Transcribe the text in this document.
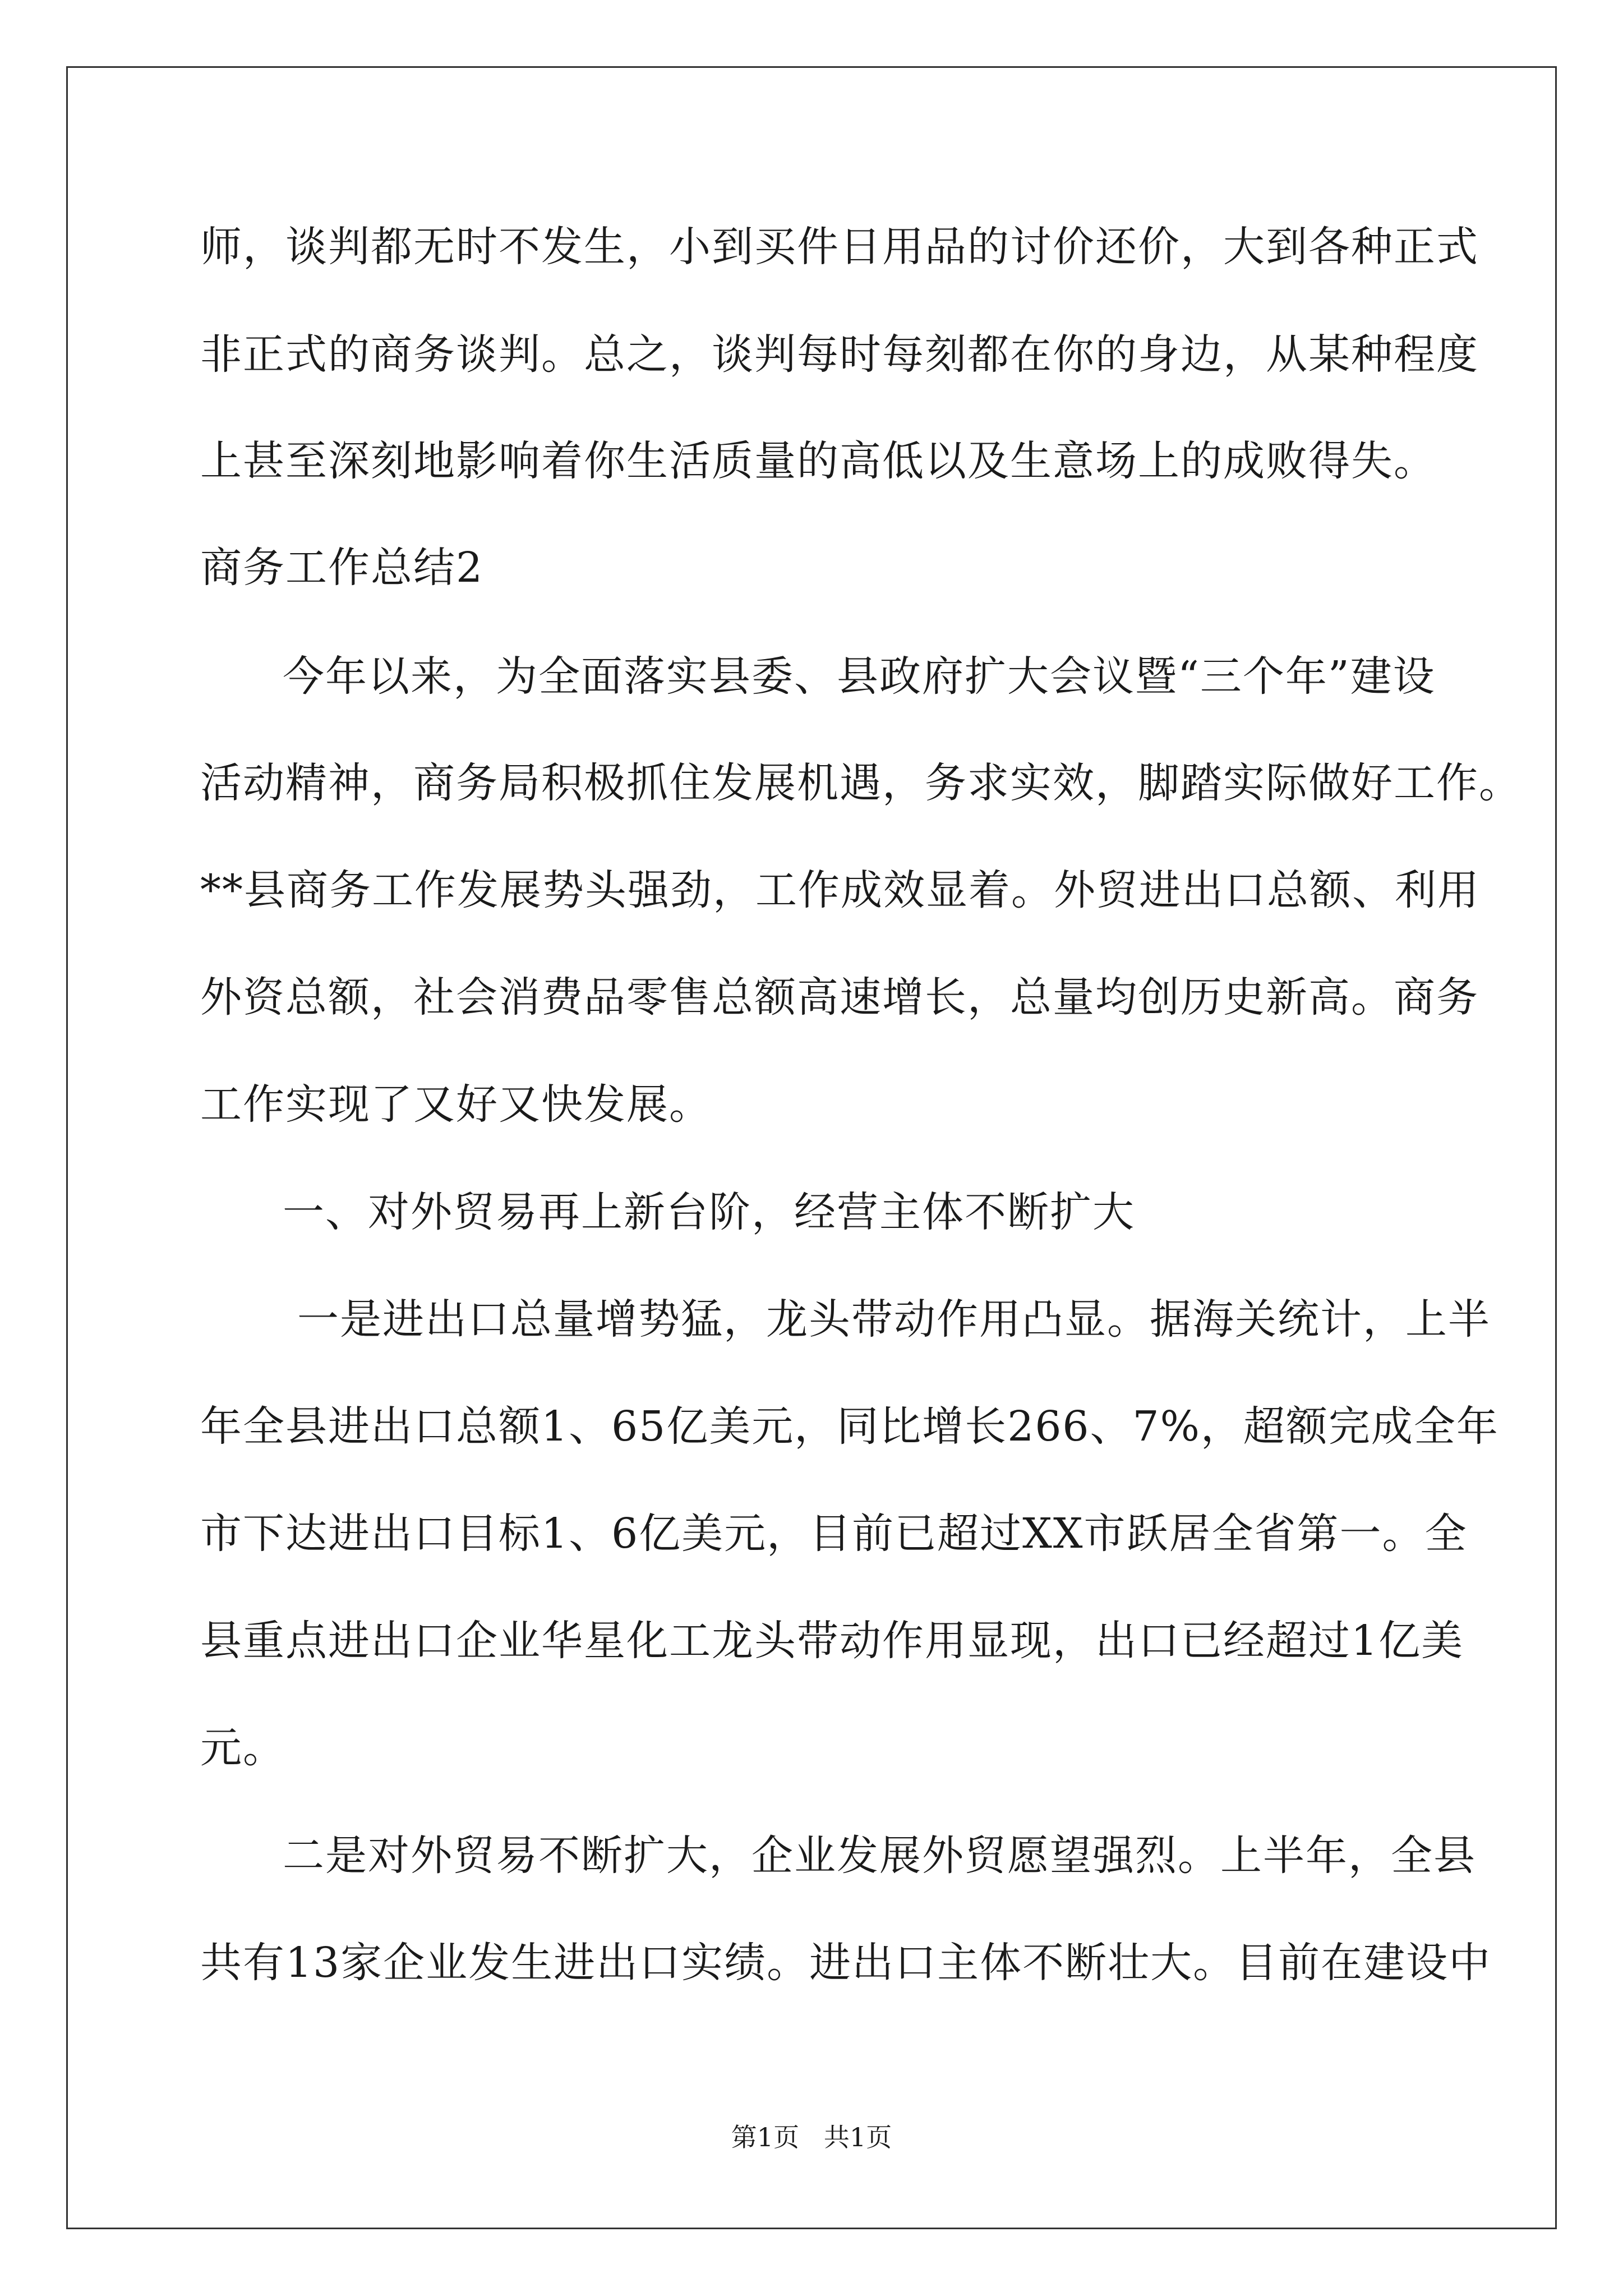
师，谈判都无时不发生，小到买件日用品的讨价还价，大到各种正式

非正式的商务谈判。总之，谈判每时每刻都在你的身边，从某种程度

上甚至深刻地影响着你生活质量的高低以及生意场上的成败得失。

商务工作总结2

今年以来，为全面落实县委、县政府扩大会议暨“三个年”建设

活动精神，商务局积极抓住发展机遇，务求实效，脚踏实际做好工作。

**县商务工作发展势头强劲，工作成效显着。外贸进出口总额、利用

外资总额，社会消费品零售总额高速增长，总量均创历史新高。商务

工作实现了又好又快发展。

一、对外贸易再上新台阶，经营主体不断扩大

一是进出口总量增势猛，龙头带动作用凸显。据海关统计，上半

年全县进出口总额1、65亿美元，同比增长266、7%，超额完成全年

市下达进出口目标1、6亿美元，目前已超过XX市跃居全省第一。全

县重点进出口企业华星化工龙头带动作用显现，出口已经超过1亿美

元。

二是对外贸易不断扩大，企业发展外贸愿望强烈。上半年，全县

共有13家企业发生进出口实绩。进出口主体不断壮大。目前在建设中

第1页   共1页
